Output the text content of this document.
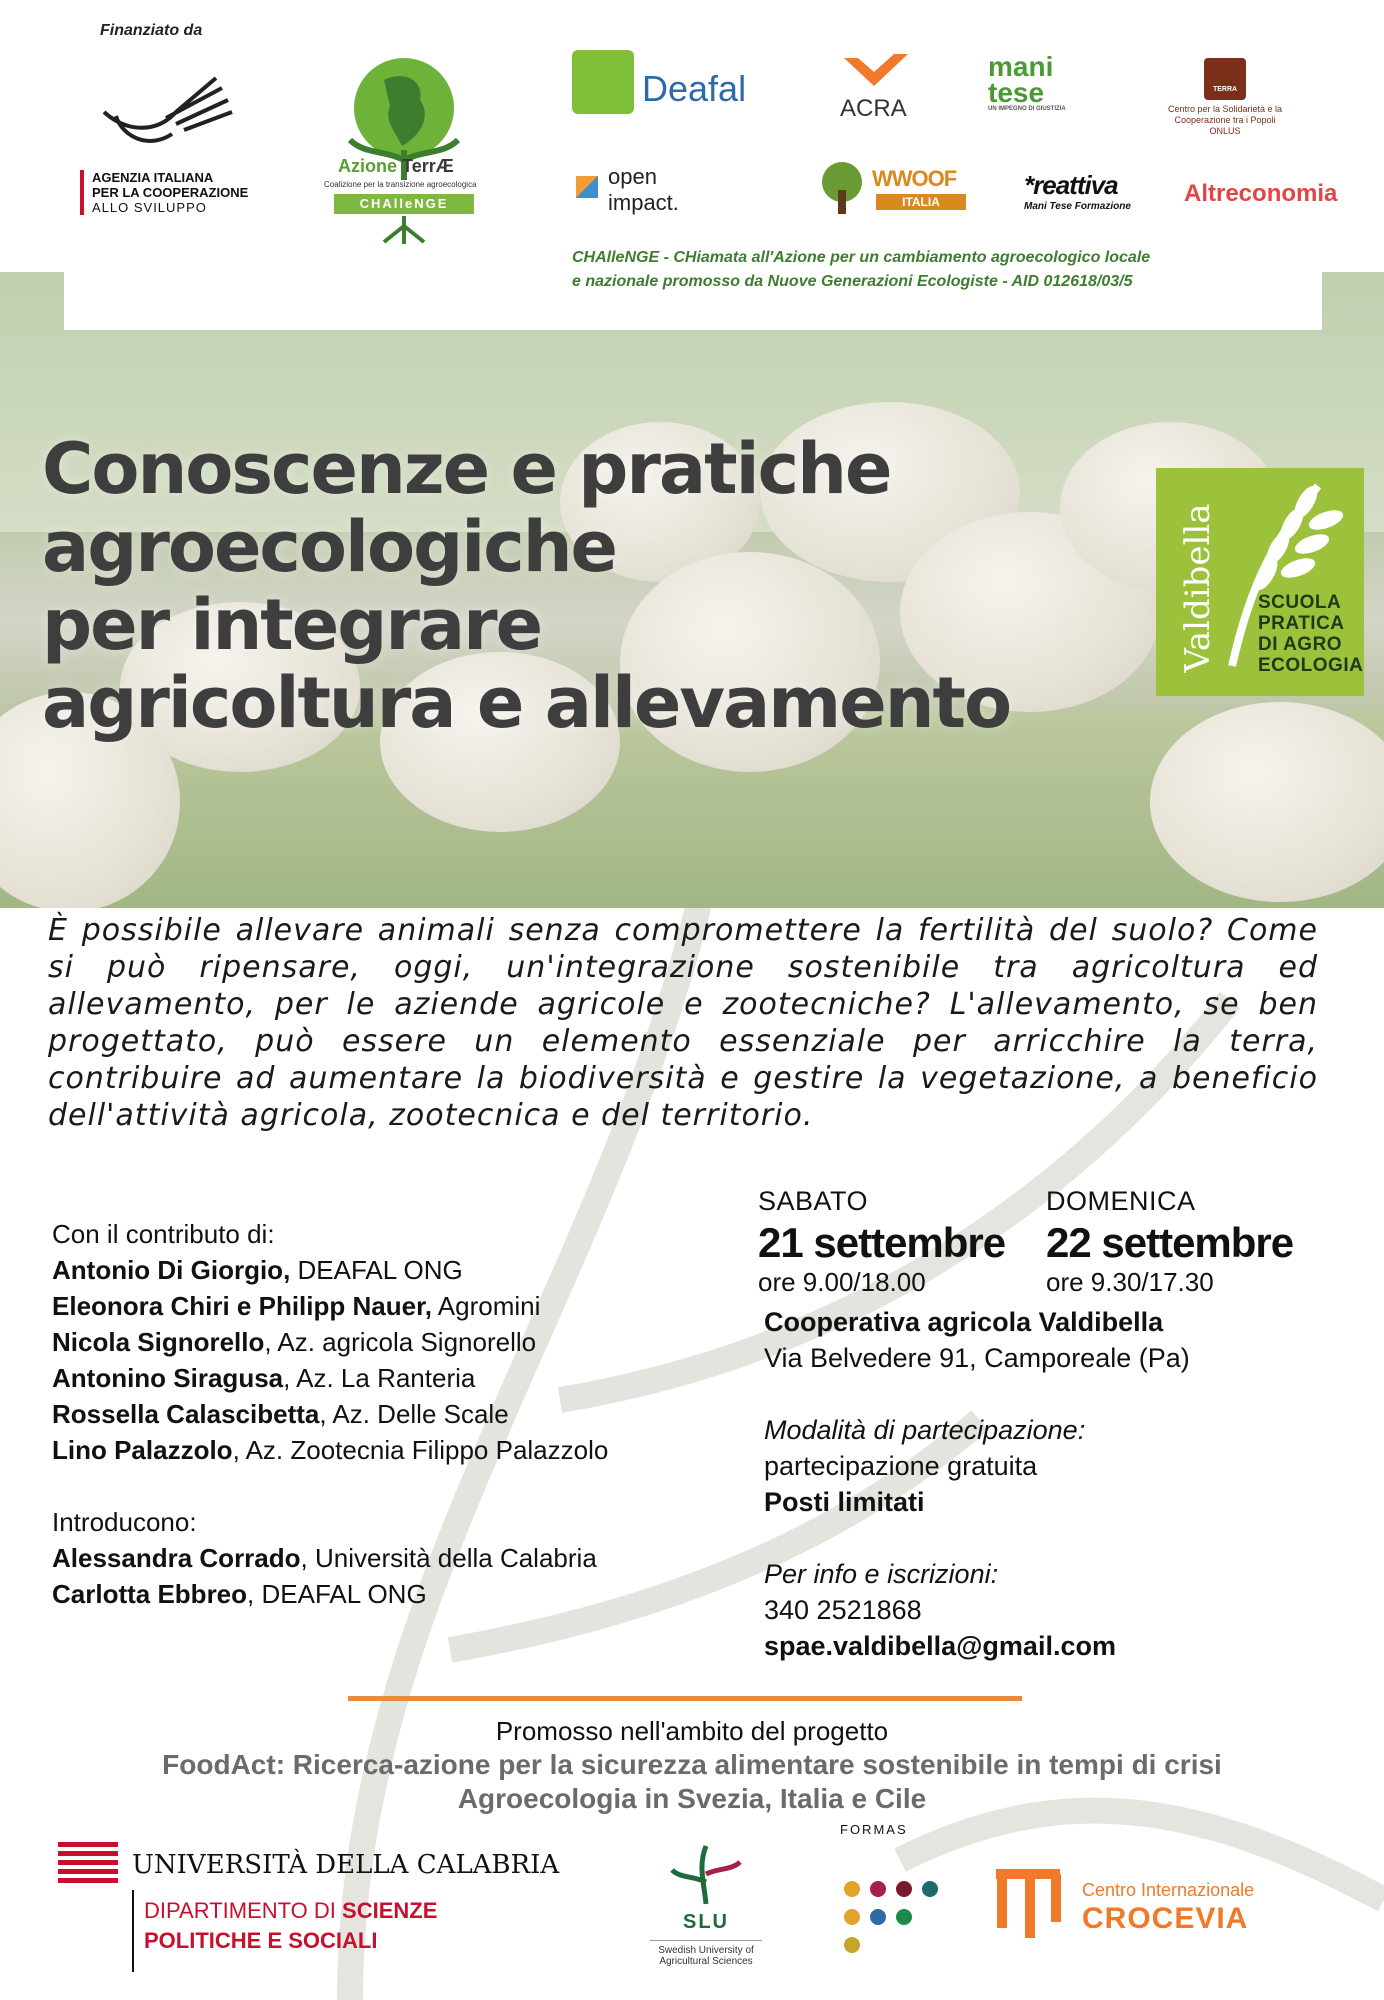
Finanziato da
AGENZIA ITALIANA
PER LA COOPERAZIONE
ALLO SVILUPPO
Azione TerrÆ
Coalizione per la transizione agroecologica
CHAlleNGE
Deafal	ACRA
mani
tese
UN IMPEGNO DI GIUSTIZIA
TERRA NUOVA
Centro per la Solidarietà e la Cooperazione tra i Popoli ONLUS
open
impact.
WWOOF
ITALIA
*reattiva
Mani Tese Formazione Altreconomia
CHAlleNGE - CHiamata all'Azione per un cambiamento agroecologico locale
e nazionale promosso da Nuove Generazioni Ecologiste - AID 012618/03/5
Conoscenze e pratiche
agroecologiche
per integrare
agricoltura e allevamento
Valdibella SCUOLA
PRATICA
DI AGRO
ECOLOGIA
È possibile allevare animali senza compromettere la fertilità del suolo? Come si può ripensare, oggi, un'integrazione sostenibile tra agricoltura ed allevamento, per le aziende agricole e zootecniche? L'allevamento, se ben progettato, può essere un elemento essenziale per arricchire la terra, contribuire ad aumentare la biodiversità e gestire la vegetazione, a beneficio dell'attività agricola, zootecnica e del territorio.
Con il contributo di:
Antonio Di Giorgio, DEAFAL ONG
Eleonora Chiri e Philipp Nauer, Agromini
Nicola Signorello, Az. agricola Signorello
Antonino Siragusa, Az. La Ranteria
Rossella Calascibetta, Az. Delle Scale
Lino Palazzolo, Az. Zootecnia Filippo Palazzolo
Introducono:
Alessandra Corrado, Università della Calabria
Carlotta Ebbreo, DEAFAL ONG
SABATO
21 settembre
ore 9.00/18.00
DOMENICA
22 settembre
ore 9.30/17.30
Cooperativa agricola Valdibella
Via Belvedere 91, Camporeale (Pa)
Modalità di partecipazione:
partecipazione gratuita
Posti limitati
Per info e iscrizioni:
340 2521868
spae.valdibella@gmail.com
Promosso nell'ambito del progetto
FoodAct: Ricerca-azione per la sicurezza alimentare sostenibile in tempi di crisi
Agroecologia in Svezia, Italia e Cile
UNIVERSITÀ DELLA CALABRIA
DIPARTIMENTO DI SCIENZE
POLITICHE E SOCIALI
SLU
Swedish University of
Agricultural Sciences
FORMAS
Centro Internazionale
CROCEVIA
